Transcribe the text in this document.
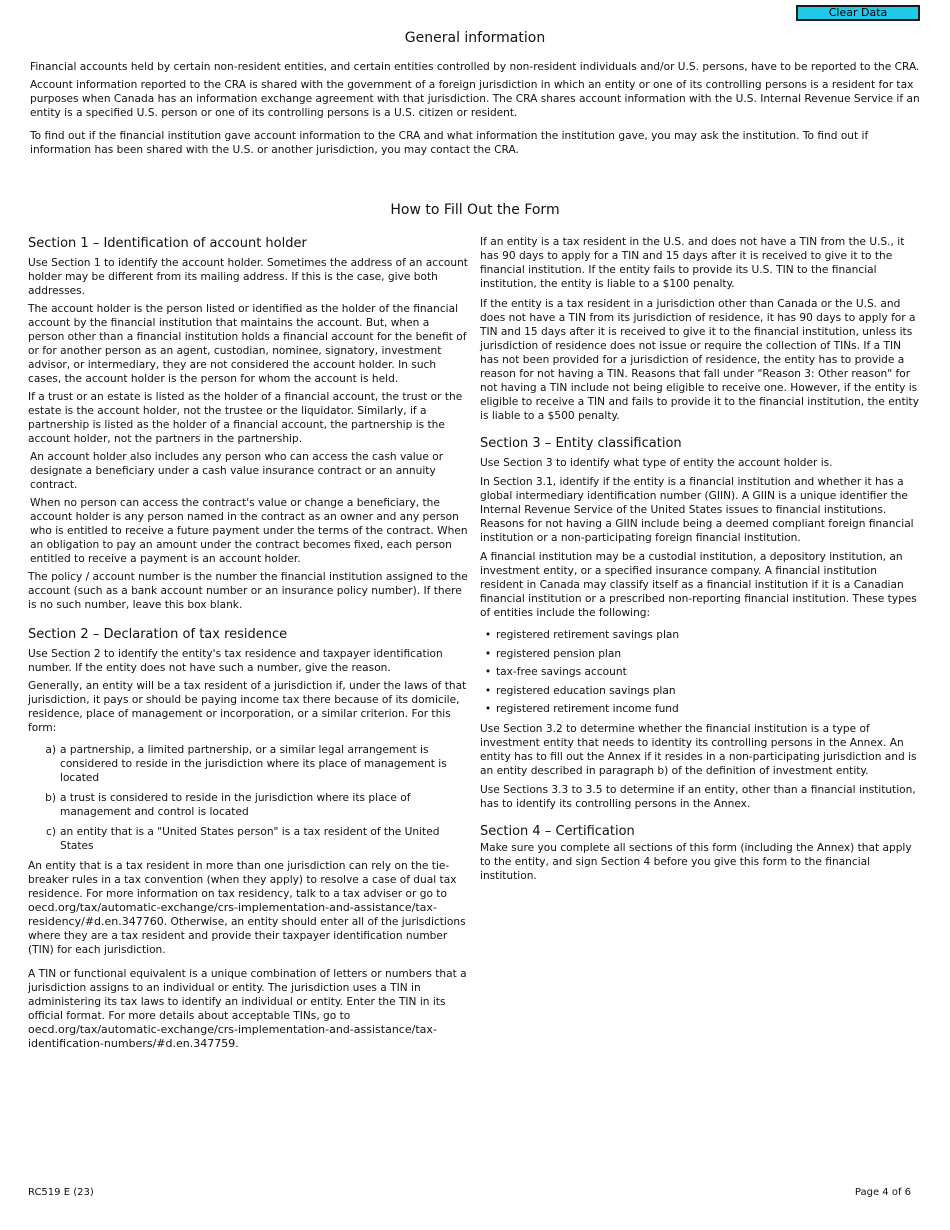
Clear Data
General information

Financial accounts held by certain non-resident entities, and certain entities controlled by non-resident individuals and/or U.S. persons, have to be reported to the CRA.

Account information reported to the CRA is shared with the government of a foreign jurisdiction in which an entity or one of its controlling persons is a resident for tax purposes when Canada has an information exchange agreement with that jurisdiction. The CRA shares account information with the U.S. Internal Revenue Service if an entity is a specified U.S. person or one of its controlling persons is a U.S. citizen or resident.

To find out if the financial institution gave account information to the CRA and what information the institution gave, you may ask the institution. To find out if information has been shared with the U.S. or another jurisdiction, you may contact the CRA.

How to Fill Out the Form
Section 1 – Identification of account holder

Use Section 1 to identify the account holder. Sometimes the address of an account holder may be different from its mailing address. If this is the case, give both addresses.

The account holder is the person listed or identified as the holder of the financial account by the financial institution that maintains the account. But, when a person other than a financial institution holds a financial account for the benefit of or for another person as an agent, custodian, nominee, signatory, investment advisor, or intermediary, they are not considered the account holder. In such cases, the account holder is the person for whom the account is held.

If a trust or an estate is listed as the holder of a financial account, the trust or the estate is the account holder, not the trustee or the liquidator. Similarly, if a partnership is listed as the holder of a financial account, the partnership is the account holder, not the partners in the partnership.

An account holder also includes any person who can access the cash value or designate a beneficiary under a cash value insurance contract or an annuity contract.

When no person can access the contract's value or change a beneficiary, the account holder is any person named in the contract as an owner and any person who is entitled to receive a future payment under the terms of the contract. When an obligation to pay an amount under the contract becomes fixed, each person entitled to receive a payment is an account holder.

The policy / account number is the number the financial institution assigned to the account (such as a bank account number or an insurance policy number). If there is no such number, leave this box blank.

Section 2 – Declaration of tax residence

Use Section 2 to identify the entity's tax residence and taxpayer identification number. If the entity does not have such a number, give the reason.

Generally, an entity will be a tax resident of a jurisdiction if, under the laws of that jurisdiction, it pays or should be paying income tax there because of its domicile, residence, place of management or incorporation, or a similar criterion. For this form:

a) a partnership, a limited partnership, or a similar legal arrangement is considered to reside in the jurisdiction where its place of management is located
b) a trust is considered to reside in the jurisdiction where its place of management and control is located
c) an entity that is a "United States person" is a tax resident of the United States

An entity that is a tax resident in more than one jurisdiction can rely on the tie-breaker rules in a tax convention (when they apply) to resolve a case of dual tax residence. For more information on tax residency, talk to a tax adviser or go to oecd.org/tax/automatic-exchange/crs-implementation-and-assistance/tax-residency/#d.en.347760. Otherwise, an entity should enter all of the jurisdictions where they are a tax resident and provide their taxpayer identification number (TIN) for each jurisdiction.

A TIN or functional equivalent is a unique combination of letters or numbers that a jurisdiction assigns to an individual or entity. The jurisdiction uses a TIN in administering its tax laws to identify an individual or entity. Enter the TIN in its official format. For more details about acceptable TINs, go to oecd.org/tax/automatic-exchange/crs-implementation-and-assistance/tax-identification-numbers/#d.en.347759.

If an entity is a tax resident in the U.S. and does not have a TIN from the U.S., it has 90 days to apply for a TIN and 15 days after it is received to give it to the financial institution. If the entity fails to provide its U.S. TIN to the financial institution, the entity is liable to a $100 penalty.

If the entity is a tax resident in a jurisdiction other than Canada or the U.S. and does not have a TIN from its jurisdiction of residence, it has 90 days to apply for a TIN and 15 days after it is received to give it to the financial institution, unless its jurisdiction of residence does not issue or require the collection of TINs. If a TIN has not been provided for a jurisdiction of residence, the entity has to provide a reason for not having a TIN. Reasons that fall under "Reason 3: Other reason" for not having a TIN include not being eligible to receive one. However, if the entity is eligible to receive a TIN and fails to provide it to the financial institution, the entity is liable to a $500 penalty.

Section 3 – Entity classification

Use Section 3 to identify what type of entity the account holder is.

In Section 3.1, identify if the entity is a financial institution and whether it has a global intermediary identification number (GIIN). A GIIN is a unique identifier the Internal Revenue Service of the United States issues to financial institutions. Reasons for not having a GIIN include being a deemed compliant foreign financial institution or a non-participating foreign financial institution.

A financial institution may be a custodial institution, a depository institution, an investment entity, or a specified insurance company. A financial institution resident in Canada may classify itself as a financial institution if it is a Canadian financial institution or a prescribed non-reporting financial institution. These types of entities include the following:

• registered retirement savings plan
• registered pension plan
• tax-free savings account
• registered education savings plan
• registered retirement income fund

Use Section 3.2 to determine whether the financial institution is a type of investment entity that needs to identity its controlling persons in the Annex. An entity has to fill out the Annex if it resides in a non-participating jurisdiction and is an entity described in paragraph b) of the definition of investment entity.

Use Sections 3.3 to 3.5 to determine if an entity, other than a financial institution, has to identify its controlling persons in the Annex.

Section 4 – Certification

Make sure you complete all sections of this form (including the Annex) that apply to the entity, and sign Section 4 before you give this form to the financial institution.

RC519 E (23)	Page 4 of 6
